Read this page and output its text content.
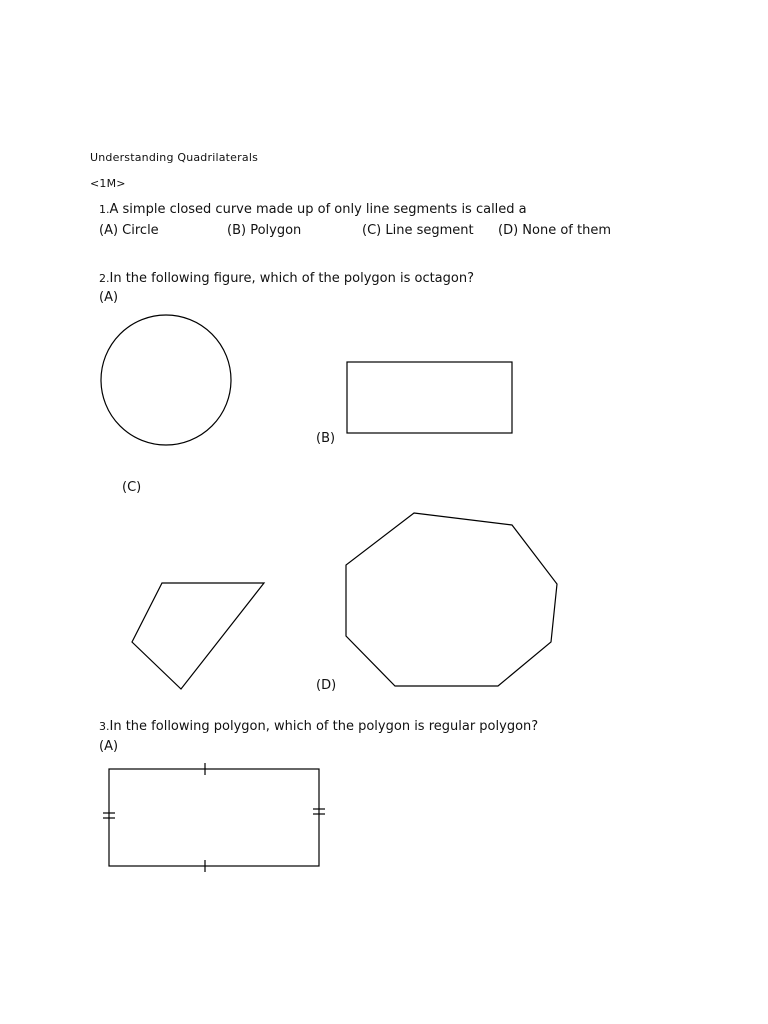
Understanding Quadrilaterals
<1M>
1.A simple closed curve made up of only line segments is called a
(A) Circle	(B) Polygon	(C) Line segment (D) None of them
2.In the following figure, which of the polygon is octagon?
(A)
(B)
(C)
(D)
3.In the following polygon, which of the polygon is regular polygon?
(A)
